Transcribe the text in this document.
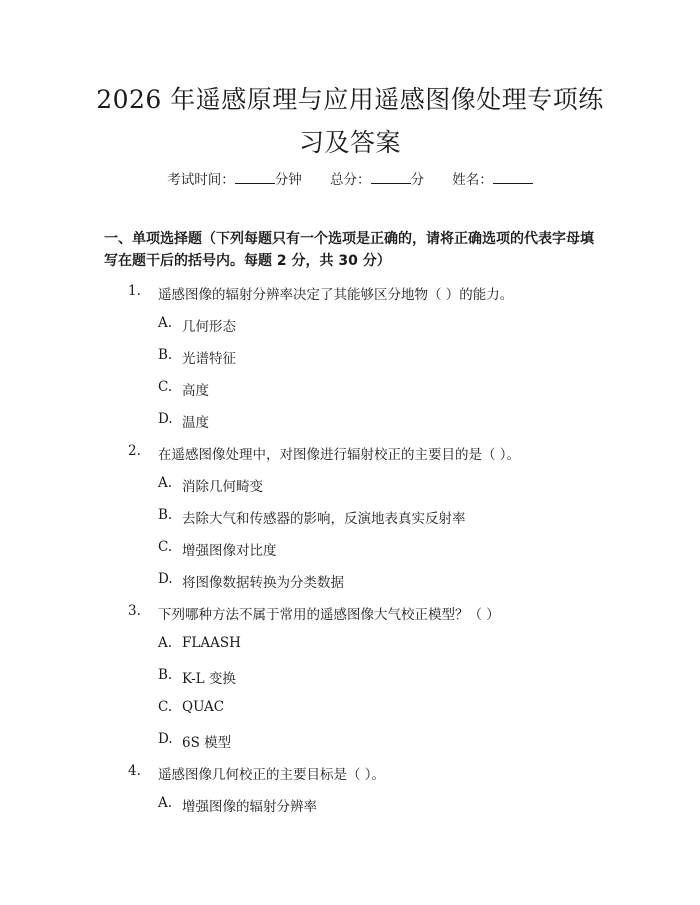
2026 年遥感原理与应用遥感图像处理专项练
习及答案
考试时间：	分钟 总分：	分 姓名：
一、单项选择题（下列每题只有一个选项是正确的，请将正确选项的代表字母填
写在题干后的括号内。每题 2 分，共 30 分）
1. 遥感图像的辐射分辨率决定了其能够区分地物（ ）的能力。
A. 几何形态
B. 光谱特征
C. 高度
D. 温度
2. 在遥感图像处理中，对图像进行辐射校正的主要目的是（ ）。
A. 消除几何畸变
B. 去除大气和传感器的影响，反演地表真实反射率
C. 增强图像对比度
D. 将图像数据转换为分类数据
3. 下列哪种方法不属于常用的遥感图像大气校正模型？（ ）
A. FLAASH
B. K-L 变换
C. QUAC
D. 6S 模型
4. 遥感图像几何校正的主要目标是（ ）。
A. 增强图像的辐射分辨率
